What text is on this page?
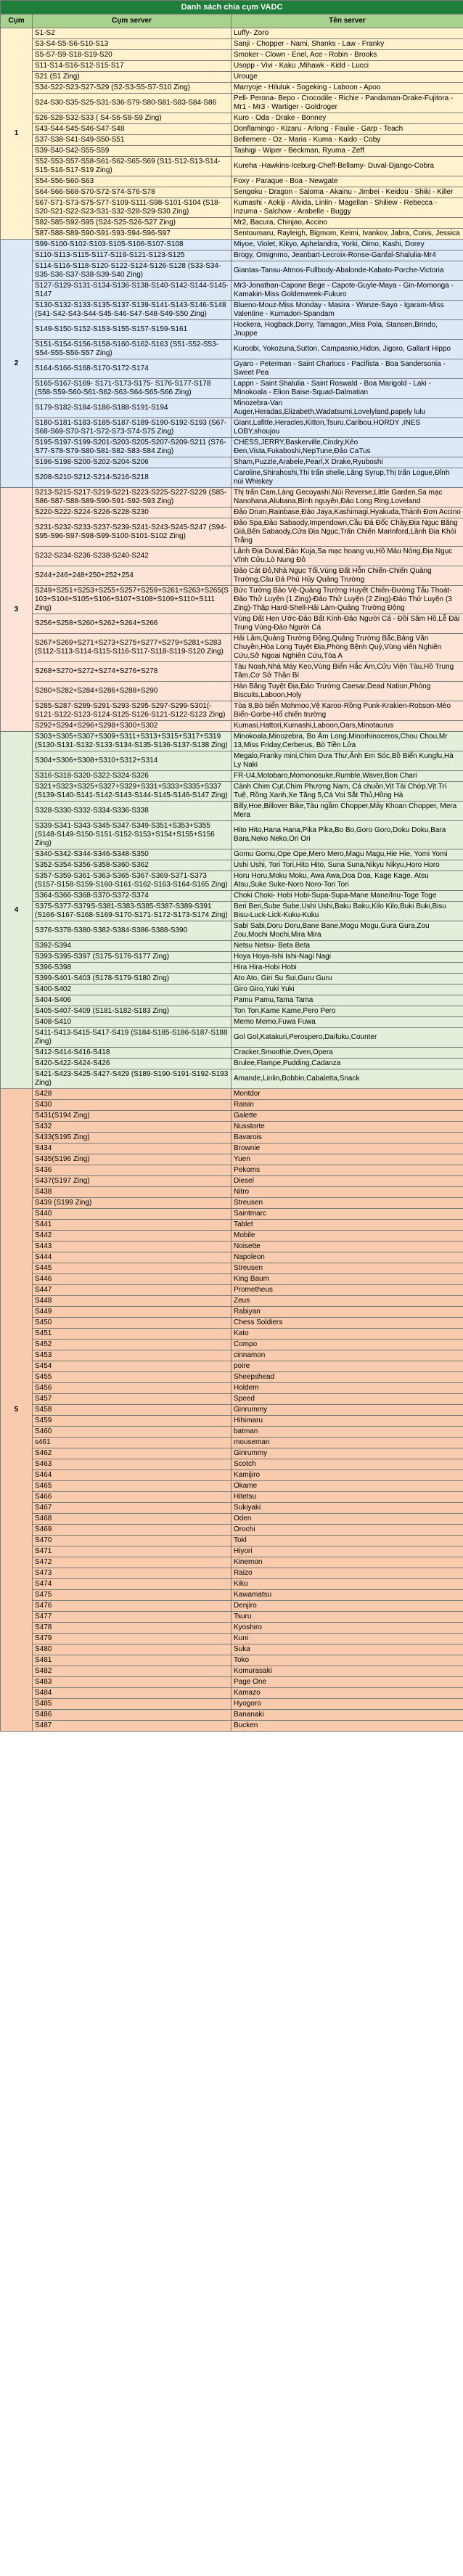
Danh sách chia cụm VADC		
Cụm	Cụm server	Tên server
1	S1-S2	Luffy- Zoro
	S3-S4-S5-S6-S10-S13	Sanji - Chopper - Nami, Shanks - Law - Franky
	S5-S7-S9-S18-S19-S20	Smoker - Clown - Enel, Ace - Robin - Brooks
	S11-S14-S16-S12-S15-S17	Usopp - Vivi - Kaku ,Mihawk - Kidd - Lucci
	S21 (S1 Zing)	Urouge
	S34-S22-S23-S27-S29 (S2-S3-S5-S7-S10 Zing)	Marryoje - Hiluluk - Sogeking - Laboon - Apoo
	S24-S30-S35-S25-S31-S36-S79-S80-S81-S83-S84-S86	Pell- Perona- Bepo - Crocodile - Richie - Pandaman-Drake-Fujitora - Mr1 - Mr3 - Wartiger - Goldroger
	S26-S28-S32-S33 ( S4-S6-S8-S9 Zing)	Kuro - Oda - Drake - Bonney
	S43-S44-S45-S46-S47-S48	Donflamingo - Kizaru - Arlong - Faulie - Garp - Teach
	S37-S38-S41-S49-S50-S51	Bellemere - Oz - Maria - Kuma - Kaido - Coby
	S39-S40-S42-S55-S59	Tashigi - Wiper - Beckman, Ryuma - Zeff
	S52-S53-S57-S58-S61-S62-S65-S69 (S11-S12-S13-S14-S15-S16-S17-S19 Zing)	Kureha -Hawkins-Iceburg-Cheff-Bellamy- Duval-Django-Cobra
	S54-S56-S60-S63	Foxy - Paraque - Boa - Newgate
	S64-S66-S68-S70-S72-S74-S76-S78	Sengoku - Dragon - Saloma - Akainu - Jimbei - Keidou - Shiki - Killer
	S67-S71-S73-S75-S77-S109-S111-S98-S101-S104 (S18-S20-S21-S22-S23-S31-S32-S28-S29-S30 Zing)	Kumashi - Aokiji - Alvida, Linlin - Magellan - Shiliew - Rebecca - Inzuma - Salchow - Arabelle - Buggy
	S82-S85-S92-S95 (S24-S25-S26-S27 Zing)	Mr2, Bacura, Chinjao, Accino
	S87-S88-S89-S90-S91-S93-S94-S96-S97	Sentoumaru, Rayleigh, Bigmom, Keimi, Ivankov, Jabra, Conis, Jessica
2	S99-S100-S102-S103-S105-S106-S107-S108	Miyoe, Violet, Kikyo, Aphelandra, Yorki, Oimo, Kashi, Dorey
	S110-S113-S115-S117-S119-S121-S123-S125	Brogy, Omignmo, Jeanbart-Lecroix-Ronse-Ganfal-Shalulia-Mr4
	S114-S116-S118-S120-S122-S124-S126-S128 (S33-S34-S35-S36-S37-S38-S39-S40 Zing)	Giantas-Tansu-Atmos-Fullbody-Abalonde-Kabato-Porche-Victoria
	S127-S129-S131-S134-S136-S138-S140-S142-S144-S145-S147	Mr3-Jonathan-Capone Bege - Capote-Guyle-Maya - Gin-Momonga - Kamakiri-Miss Goldenweek-Fukuro
	S130-S132-S133-S135-S137-S139-S141-S143-S146-S148 (S41-S42-S43-S44-S45-S46-S47-S48-S49-S50 Zing)	Blueno-Mouz-Miss Monday - Masira - Wanze-Sayo - Igaram-Miss Valentine - Kumadori-Spandam
	S149-S150-S152-S153-S155-S157-S159-S161	Hockera, Hogback,Dorry, Tamagon,,Miss Pola, Stansen,Brindo, Jnuppe
	S151-S154-S156-S158-S160-S162-S163 (S51-S52-S53-S54-S55-S56-S57 Zing)	Kuroobi, Yokozuna,Sutton, Campasnio,Hidon, Jigoro, Gallant Hippo
	S164-S166-S168-S170-S172-S174	Gyaro - Peterman - Saint Charlocs - Pacifista - Boa Sandersonia - Sweet Pea
	S165-S167-S169- S171-S173-S175- S176-S177-S178 (S58-S59-S60-S61-S62-S63-S64-S65-S66 Zing)	Lappn - Saint Shalulia - Saint Roswald - Boa Marigold - Laki - Minokoala - Elion Baise-Squad-Dalmatian
	S179-S182-S184-S186-S188-S191-S194	Minozebra-Van Auger,Heradas,Elizabeth,Wadatsumi,Lovelyland,papely lulu
	S180-S181-S183-S185-S187-S189-S190-S192-S193 (S67-S68-S69-S70-S71-S72-S73-S74-S75 Zing)	Giant,Lafitte,Heracles,Kitton,Tsuru,Caribou,HORDY ,INES LOBY,shoujou
	S195-S197-S199-S201-S203-S205-S207-S209-S211 (S76-S77-S78-S79-S80-S81-S82-S83-S84 Zing)	CHESS,JERRY,Baskerville,Cindry,Kẻo Đen,Vista,Fukaboshi,NepTune,Đảo CaTus
	S196-S198-S200-S202-S204-S206	Sham,Puzzle,Arabele,Pearl,X Drake,Ryuboshi
	S208-S210-S212-S214-S216-S218	Caroline,Shirahoshi,Thi trấn shelle,Lăng Syrup,Thị trấn Logue,Đỉnh núi Whiskey
3	S213-S215-S217-S219-S221-S223-S225-S227-S229 (S85-S86-S87-S88-S89-S90-S91-S92-S93 Zing)	Thị trấn Cam,Làng Gecoyashi,Núi Reverse,Little Garden,Sa mạc Nanohana,Alubana,Bình nguyên,Đảo Long Ring,Loveland
	S220-S222-S224-S226-S228-S230	Đảo Drum,Rainbase,Đảo Jaya,Kashimagi,Hyakuda,Thành Đơn Accino
	S231-S232-S233-S237-S239-S241-S243-S245-S247 (S94-S95-S96-S97-S98-S99-S100-S101-S102 Zing)	Đảo Spa,Đảo Sabaody,Impendown,Cầu Đá Đốc Chảy,Địa Ngục Băng Giá,Bến Sabaody,Cửa Địa Ngục,Trấn Chiến Marinford,Lãnh Địa Khói Trắng
	S232-S234-S236-S238-S240-S242	Lãnh Địa Duval,Đảo Kuja,Sa mạc hoang vu,Hồ Máu Nóng,Địa Ngục Vĩnh Cửu,Lò Nung Đỏ
	S244+246+248+250+252+254	Đảo Cát Đỏ,Nhà Ngục Tối,Vùng Đất Hỗn Chiến-Chiến Quảng Trường,Cầu Đá Phủ Hủy Quảng Trường
	S249+S251+S253+S255+S257+S259+S261+S263+S265(S103+S104+S105+S106+S107+S108+S109+S110+S111 Zing)	Bức Tường Bảo Vệ-Quảng Trường Huyết Chiến-Đường Tẩu Thoát-Đảo Thử Luyện (1 Zing)-Đảo Thử Luyện (2 Zing)-Đảo Thử Luyện (3 Zing)-Thập Hard-Shell-Hải Làm-Quảng Trường Động
	S256+S258+S260+S262+S264+S266	Vùng Đất Hẹn Ước-Đảo Bất Kính-Đảo Người Cá - Đồi Sâm Hồ,Lễ Đài Trung Vùng-Đảo Người Cá
	S267+S269+S271+S273+S275+S277+S279+S281+S283 (S112-S113-S114-S115-S116-S117-S118-S119-S120 Zing)	Hải Lâm,Quảng Trường Động,Quảng Trường Bắc,Bảng Văn Chuyền,Hòa Long Tuyệt Địa,Phòng Bệnh Quý,Vùng viên Nghiên Cứu,Sở Ngoại Nghiên Cứu,Tòa A
	S268+S270+S272+S274+S276+S278	Tàu Noah,Nhà Máy Kẹo,Vùng Biển Hắc Ám,Cửu Viện Tàu,Hồ Trung Tâm,Cơ Sở Thần Bí
	S280+S282+S284+S286+S288+S290	Hàn Băng Tuyệt Địa,Đảo Trường Caesar,Dead Nation,Phòng Biscuits,Laboon,Holy
	S285-S287-S289-S291-S293-S295-S297-S299-S301(-S121-S122-S123-S124-S125-S126-S121-S122-S123 Zing)	Tòa 8,Bò biển Mohmoo,Vệ Karoo-Rồng Punk-Krakien-Robson-Mèo Biển-Gorbe-Hổ chiến trường
	S292+S294+S296+S298+S300+S302	Kumasi,Hattori,Kumashi,Laboon,Oars,Minotaurus
4	S303+S305+S307+S309+S311+S313+S315+S317+S319 (S130-S131-S132-S133-S134-S135-S136-S137-S138 Zing)	Minokoala,Minozebra, Bo Ám Long,Minorhinoceros,Chou Chou,Mr 13,Miss Friday,Cerberus, Bò Tiền Lửa
	S304+S306+S308+S310+S312+S314	Megalo,Franky mini,Chim Dưa Thư,Ảnh Em Sóc,Bồ Biển Kungfu,Hà Ly Naki
	S316-S318-S320-S322-S324-S326	FR-U4,Motobaro,Momonosuke,Rumble,Waver,Bon Chari
	S321+S323+S325+S327+S329+S331+S333+S335+S337 (S139-S140-S141-S142-S143-S144-S145-S146-S147 Zing)	Cành Chim Cụt,Chim Phượng Nam, Cá chuồn,Vịt Tài Chớp,Vịt Trí Tuệ, Rồng Xanh,Xe Tăng 5,Cá Voi Sắt Thủ,Hồng Hà
	S328-S330-S332-S334-S336-S338	Billy,Hoe,Billover Bike,Tàu ngầm Chopper,Máy Khoan Chopper, Mera Mera
	S339-S341-S343-S345-S347-S349-S351+S353+S355 (S148-S149-S150-S151-S152-S153+S154+S155+S156 Zing)	Hito Hito,Hana Hana,Pika Pika,Bo Bo,Goro Goro,Doku Doku,Bara Bara,Neko Neko,Ori Ori
	S340-S342-S344-S346-S348-S350	Gomu Gomu,Ope Ope,Mero Mero,Magu Magu,Hie Hie, Yomi Yomi
	S352-S354-S356-S358-S360-S362	Ushi Ushi, Tori Tori,Hito Hito, Suna Suna,Nikyu Nikyu,Horo Horo
	S357-S359-S361-S363-S365-S367-S369-S371-S373 (S157-S158-S159-S160-S161-S162-S163-S164-S165 Zing)	Horu Horu,Moku Moku, Awa Awa,Doa Doa, Kage Kage, Atsu Atsu,Suke Suke-Noro Noro-Tori Tori
	S364-S366-S368-S370-S372-S374	Choki Choki- Hobi Hobi-Supa-Supa-Mane Mane/Inu-Toge Toge
	S375-S377-S379S-S381-S383-S385-S387-S389-S391 (S166-S167-S168-S169-S170-S171-S172-S173-S174 Zing)	Beri Beri,Sube Sube,Ushi Ushi,Baku Baku,Kilo Kilo,Buki Buki,Bisu Bisu-Luck-Lick-Kuku-Kuku
	S376-S378-S380-S382-S384-S386-S388-S390	Sabi Sabi,Doru Doru,Bane Bane,Mogu Mogu,Gura Gura,Zou Zou,Mochi Mochi,Mira Mira
	S392-S394	Netsu Netsu- Beta Beta
	S393-S395-S397 (S175-S176-S177 Zing)	Hoya Hoya-Ishi Ishi-Nagi Nagi
	S396-S398	Hira Hira-Hobi Hobi
	S399-S401-S403 (S178-S179-S180 Zing)	Ato Ato, Giri Su Sui,Guru Guru
	S400-S402	Giro Giro,Yuki Yuki
	S404-S406	Pamu Pamu,Tama Tama
	S405-S407-S409 (S181-S182-S183 Zing)	Ton Ton,Kame Kame,Pero Pero
	S408-S410	Memo Memo,Fuwa Fuwa
	S411-S413-S415-S417-S419 (S184-S185-S186-S187-S188 Zing)	Gol Gol,Katakuri,Perospero,Daifuku,Counter
	S412-S414-S416-S418	Cracker,Smoothie,Oven,Opera
	S420-S422-S424-S426	Brulee,Flampe,Pudding,Cadanza
	S421-S423-S425-S427-S429 (S189-S190-S191-S192-S193 Zing)	Amande,Linlin,Bobbin,Cabaletta,Snack
5	S428	Montdor
	S430	Raisin
	S431(S194 Zing)	Galette
	S432	Nusstorte
	S433(S195 Zing)	Bavarois
	S434	Brownie
	S435(S196 Zing)	Yuen
	S436	Pekoms
	S437(S197 Zing)	Diesel
	S438	Nitro
	S439 (S199 Zing)	Streusen
	S440	Saintmarc
	S441	Tablet
	S442	Mobile
	S443	Noisette
	S444	Napoleon
	S445	Streusen
	S446	King Baum
	S447	Prometheus
	S448	Zeus
	S449	Rabiyan
	S450	Chess Soldiers
	S451	Kato
	S452	Compo
	S453	cinnamon
	S454	poire
	S455	Sheepshead
	S456	Holdem
	S457	Speed
	S458	Ginrummy
	S459	Hihimaru
	S460	batman
	s461	mouseman
	S462	Ginrummy
	S463	Scotch
	S464	Kamijiro
	S465	Okame
	S466	Hitetsu
	S467	Sukiyaki
	S468	Oden
	S469	Orochi
	S470	Tokl
	S471	Hiyori
	S472	Kinemon
	S473	Raizo
	S474	Kiku
	S475	Kawamatsu
	S476	Denjiro
	S477	Tsuru
	S478	Kyoshiro
	S479	Kuni
	S480	Suka
	S481	Toko
	S482	Komurasaki
	S483	Page One
	S484	Kamazo
	S485	Hyogoro
	S486	Bananaki
	S487	Bucken
